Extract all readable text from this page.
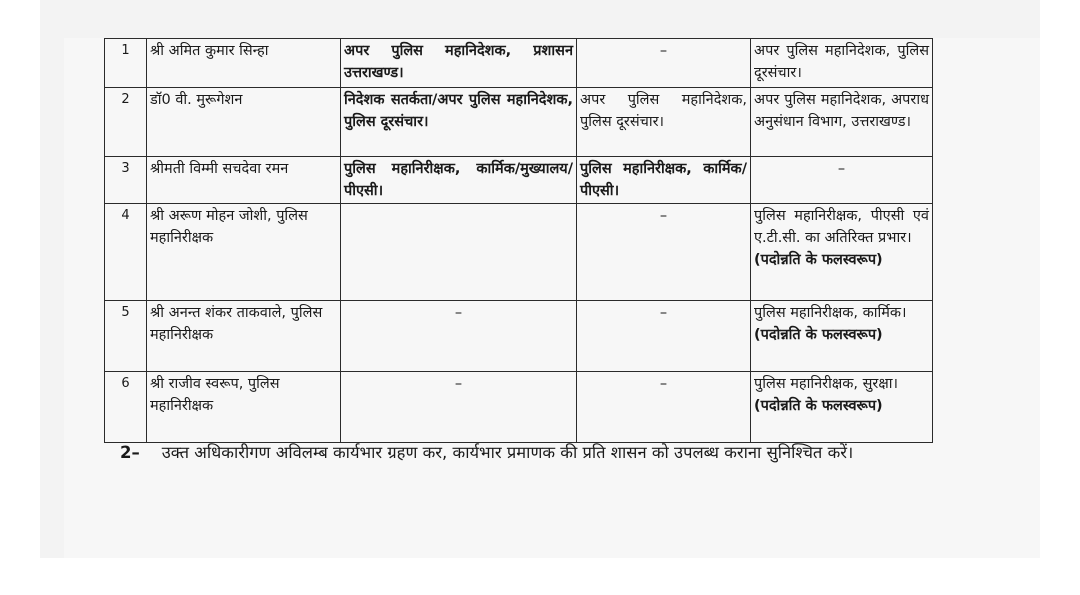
1	श्री अमित कुमार सिन्हा	अपर पुलिस महानिदेशक, प्रशासन उत्तराखण्ड।	–	अपर पुलिस महानिदेशक, पुलिस दूरसंचार।
2	डॉ0 वी. मुरूगेशन	निदेशक सतर्कता/अपर पुलिस महानिदेशक, पुलिस दूरसंचार।	अपर पुलिस महानिदेशक, पुलिस दूरसंचार।	अपर पुलिस महानिदेशक, अपराध अनुसंधान विभाग, उत्तराखण्ड।
3	श्रीमती विम्मी सचदेवा रमन	पुलिस महानिरीक्षक, कार्मिक/मुख्यालय/पीएसी।	पुलिस महानिरीक्षक, कार्मिक/पीएसी।	–
4	श्री अरूण मोहन जोशी, पुलिस महानिरीक्षक		–	पुलिस महानिरीक्षक, पीएसी एवं ए.टी.सी. का अतिरिक्त प्रभार।
(पदोन्नति के फलस्वरूप)
5	श्री अनन्त शंकर ताकवाले, पुलिस महानिरीक्षक	–	–	पुलिस महानिरीक्षक, कार्मिक।
(पदोन्नति के फलस्वरूप)
6	श्री राजीव स्वरूप, पुलिस महानिरीक्षक	–	–	पुलिस महानिरीक्षक, सुरक्षा।
(पदोन्नति के फलस्वरूप)
2– उक्त अधिकारीगण अविलम्ब कार्यभार ग्रहण कर, कार्यभार प्रमाणक की प्रति शासन को उपलब्ध कराना सुनिश्चित करें।
